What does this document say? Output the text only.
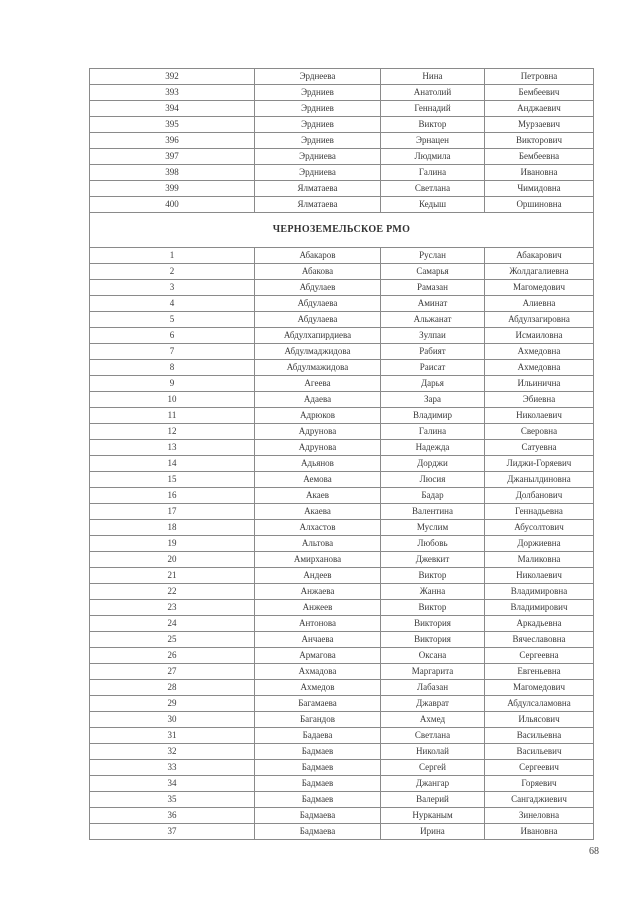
392	Эрднеева	Нина	Петровна
393	Эрдниев	Анатолий	Бембеевич
394	Эрдниев	Геннадий	Анджаевич
395	Эрдниев	Виктор	Мурзаевич
396	Эрдниев	Эрнацен	Викторович
397	Эрдниева	Людмила	Бембеевна
398	Эрдниева	Галина	Ивановна
399	Ялматаева	Светлана	Чимидовна
400	Ялматаева	Кедыш	Оршиновна
ЧЕРНОЗЕМЕЛЬСКОЕ РМО			
1	Абакаров	Руслан	Абакарович
2	Абакова	Самарья	Жолдагалиевна
3	Абдулаев	Рамазан	Магомедович
4	Абдулаева	Аминат	Алиевна
5	Абдулаева	Альжанат	Абдулзагировна
6	Абдулхапирдиева	Зулпаи	Исмаиловна
7	Абдулмаджидова	Рабият	Ахмедовна
8	Абдулмажидова	Раисат	Ахмедовна
9	Агеева	Дарья	Ильинична
10	Адаева	Зара	Эбиевна
11	Адрюков	Владимир	Николаевич
12	Адрунова	Галина	Сверовна
13	Адрунова	Надежда	Сатуевна
14	Адьянов	Дорджи	Лиджи-Горяевич
15	Аемова	Люсия	Джанылдиновна
16	Акаев	Бадар	Долбанович
17	Акаева	Валентина	Геннадьевна
18	Алхастов	Муслим	Абусолтович
19	Альтова	Любовь	Доржиевна
20	Амирханова	Джевкит	Маликовна
21	Андеев	Виктор	Николаевич
22	Анжаева	Жанна	Владимировна
23	Анжеев	Виктор	Владимирович
24	Антонова	Виктория	Аркадьевна
25	Анчаева	Виктория	Вячеславовна
26	Армагова	Оксана	Сергеевна
27	Ахмадова	Маргарита	Евгеньевна
28	Ахмедов	Лабазан	Магомедович
29	Багамаева	Джаврат	Абдулсаламовна
30	Багандов	Ахмед	Ильясович
31	Бадаева	Светлана	Васильевна
32	Бадмаев	Николай	Васильевич
33	Бадмаев	Сергей	Сергеевич
34	Бадмаев	Джангар	Горяевич
35	Бадмаев	Валерий	Сангаджиевич
36	Бадмаева	Нурканым	Зинеловна
37	Бадмаева	Ирина	Ивановна
68
